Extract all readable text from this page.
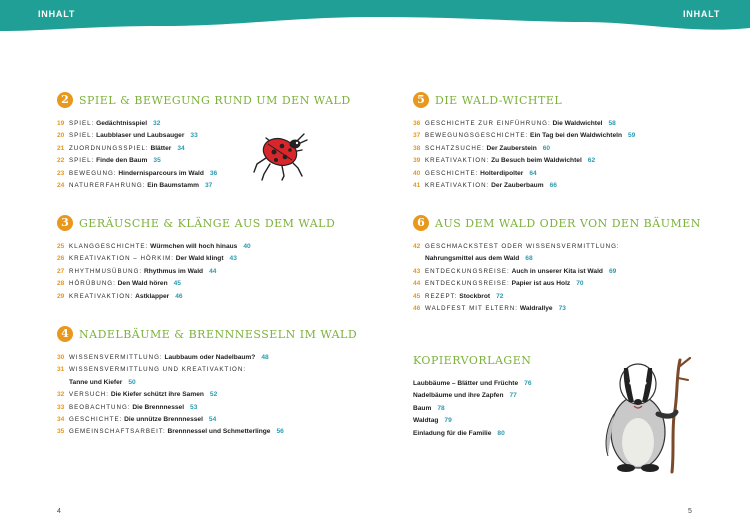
INHALT	INHALT
2 SPIEL & BEWEGUNG RUND UM DEN WALD
19 SPIEL: Gedächtnisspiel 32
20 SPIEL: Laubblaser und Laubsauger 33
21 ZUORDNUNGSSPIEL: Blätter 34
22 SPIEL: Finde den Baum 35
23 BEWEGUNG: Hindernisparcours im Wald 36
24 NATURERFAHRUNG: Ein Baumstamm 37
3 GERÄUSCHE & KLÄNGE AUS DEM WALD
25 KLANGGESCHICHTE: Würmchen will hoch hinaus 40
26 KREATIVAKTION – HÖRKIM: Der Wald klingt 43
27 RHYTHMUSÜBUNG: Rhythmus im Wald 44
28 HÖRÜBUNG: Den Wald hören 45
29 KREATIVAKTION: Astklapper 46
4 NADELBÄUME & BRENNNESSELN IM WALD
30 WISSENSVERMITTLUNG: Laubbaum oder Nadelbaum? 48
31 WISSENSVERMITTLUNG UND KREATIVAKTION:
Tanne und Kiefer 50
32 VERSUCH: Die Kiefer schützt ihre Samen 52
33 BEOBACHTUNG: Die Brennnessel 53
34 GESCHICHTE: Die unnütze Brennnessel 54
35 GEMEINSCHAFTSARBEIT: Brennnessel und Schmetterlinge 56
4
5 DIE WALD-WICHTEL
36 GESCHICHTE ZUR EINFÜHRUNG: Die Waldwichtel 58
37 BEWEGUNGSGESCHICHTE: Ein Tag bei den Waldwichteln 59
38 SCHATZSUCHE: Der Zauberstein 60
39 KREATIVAKTION: Zu Besuch beim Waldwichtel 62
40 GESCHICHTE: Holterdipolter 64
41 KREATIVAKTION: Der Zauberbaum 66
6 AUS DEM WALD ODER VON DEN BÄUMEN
42 GESCHMACKSTEST ODER WISSENSVERMITTLUNG:
Nahrungsmittel aus dem Wald 68
43 ENTDECKUNGSREISE: Auch in unserer Kita ist Wald 69
44 ENTDECKUNGSREISE: Papier ist aus Holz 70
45 REZEPT: Stockbrot 72
46 WALDFEST MIT ELTERN: Waldrallye 73
KOPIERVORLAGEN
Laubbäume – Blätter und Früchte 76
Nadelbäume und ihre Zapfen 77
Baum 78
Waldtag 79
Einladung für die Familie 80
5
